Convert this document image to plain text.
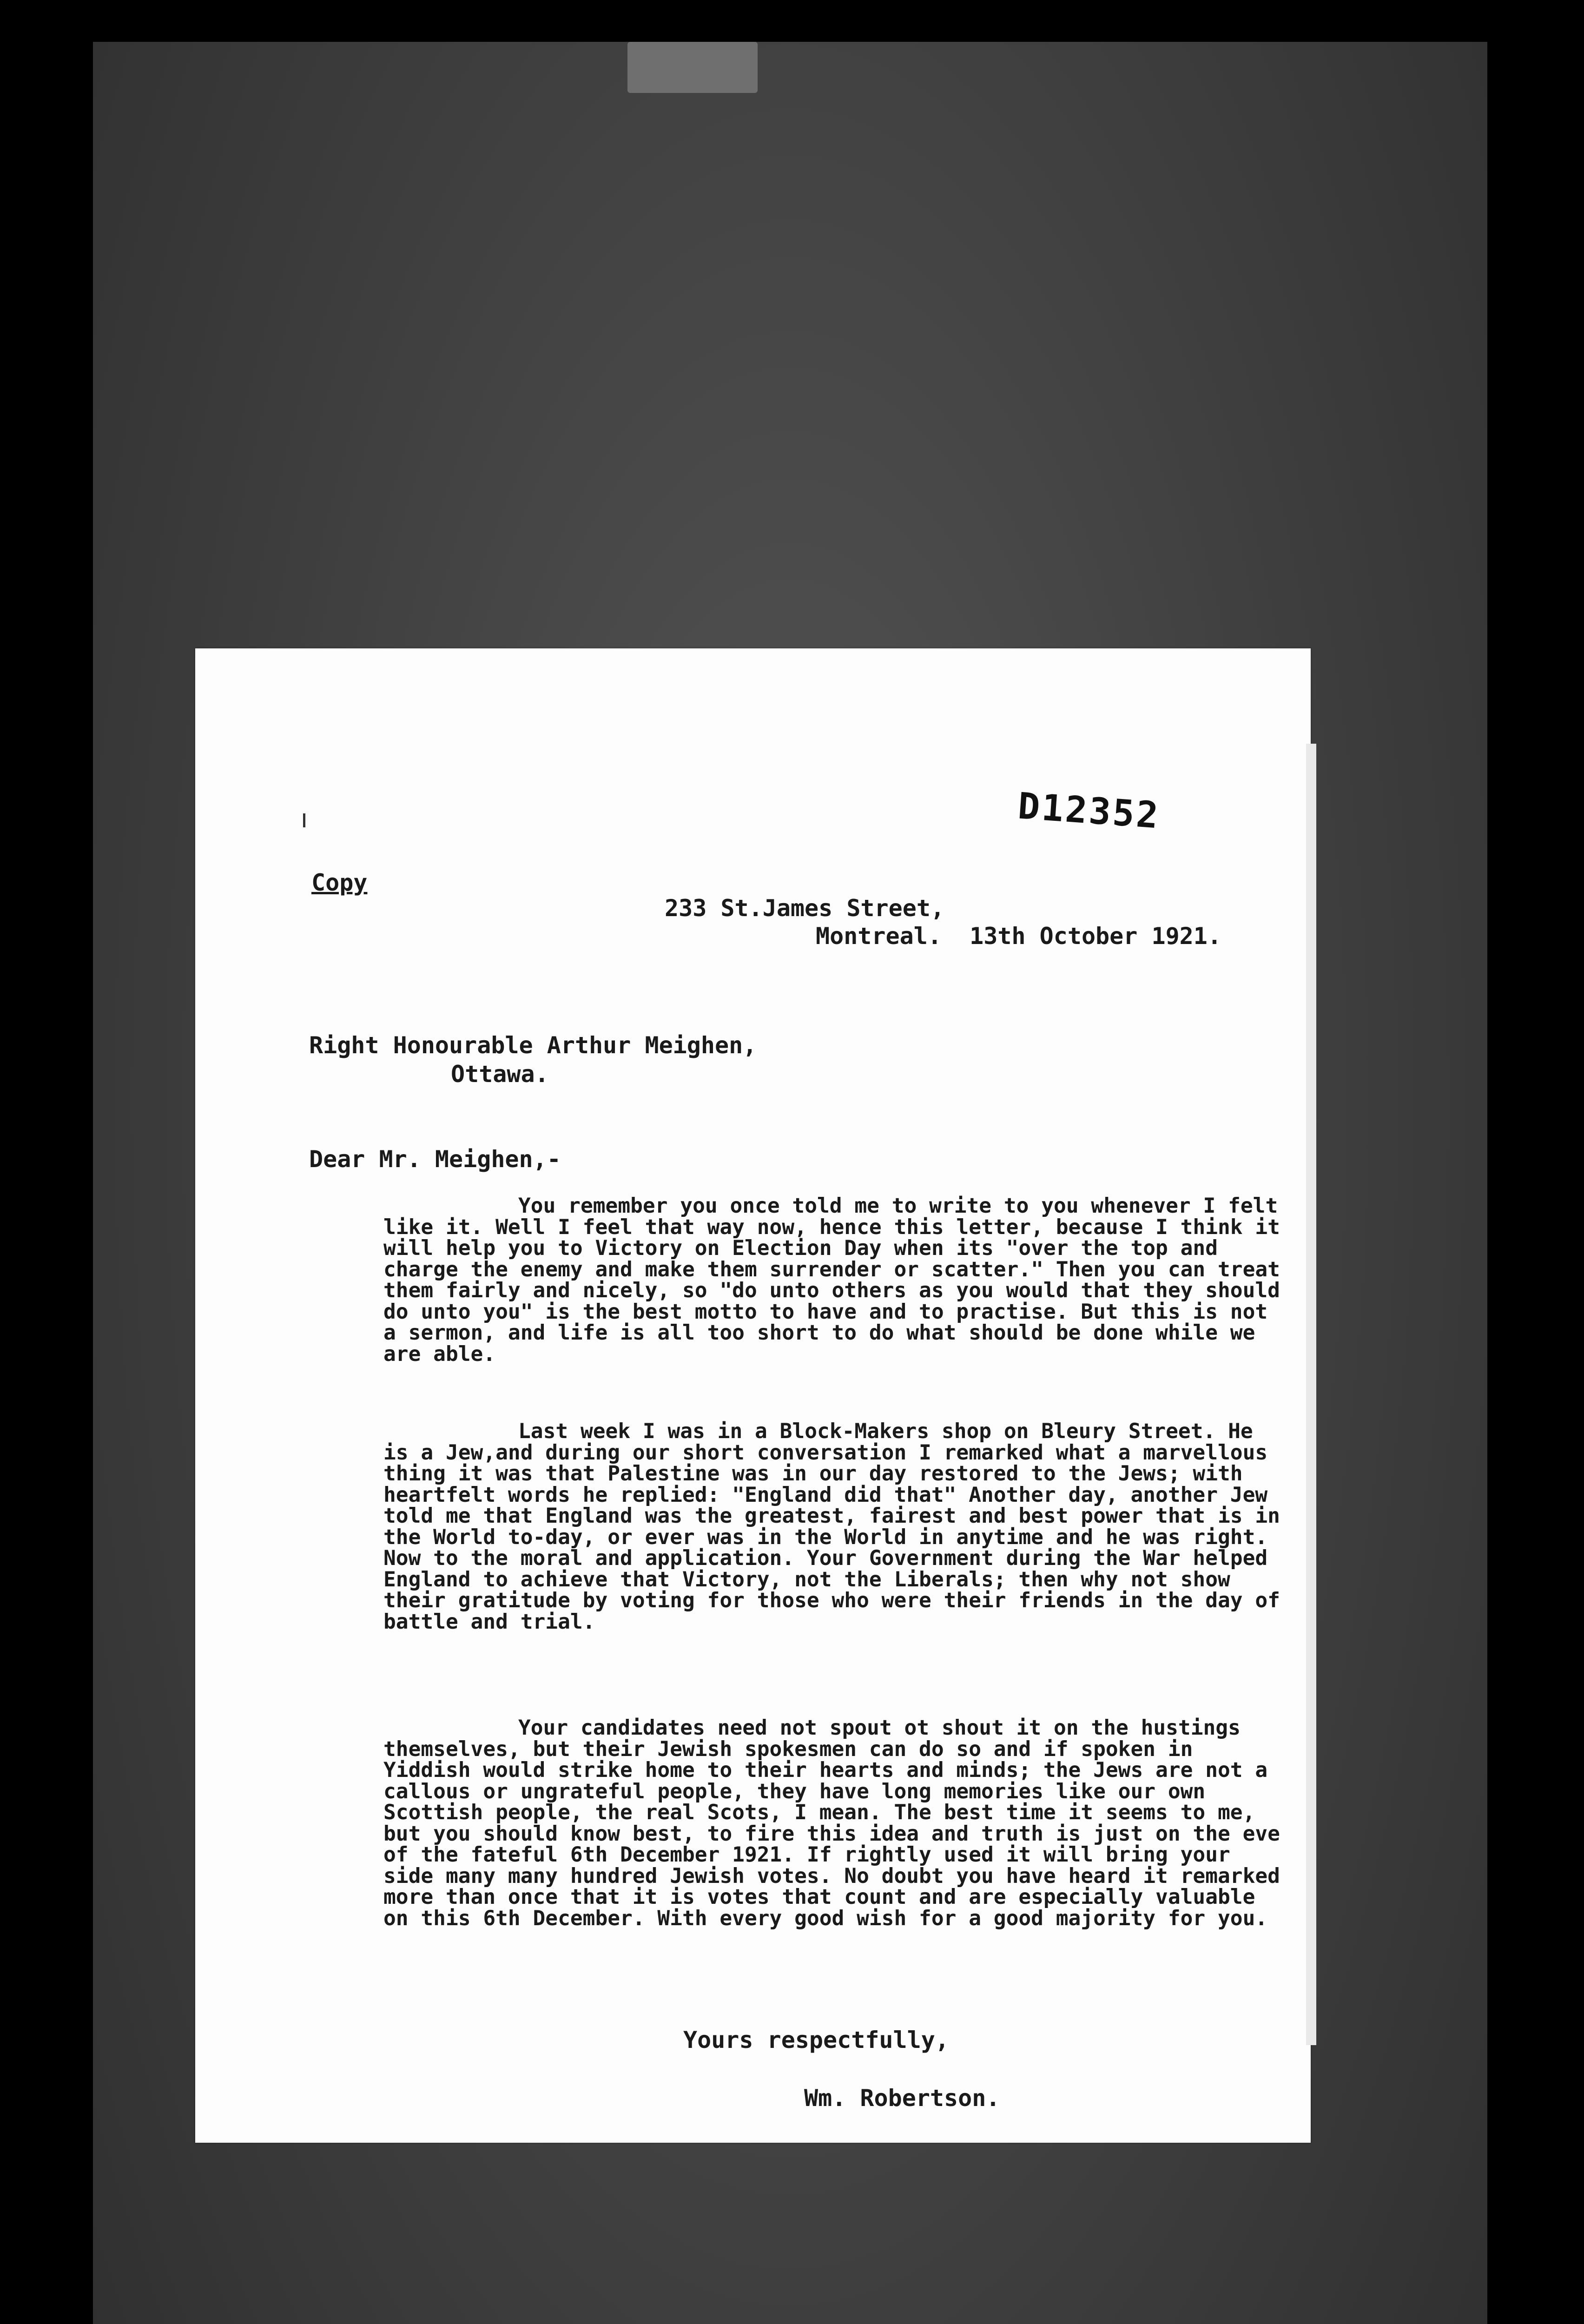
D12352
Copy
233 St.James Street,
Montreal.  13th October 1921.
Right Honourable Arthur Meighen,
Ottawa.
Dear Mr. Meighen,-

You remember you once told me to write to you whenever I felt like it. Well I feel that way now, hence this letter, because I think it will help you to Victory on Election Day when its "over the top and charge the enemy and make them surrender or scatter." Then you can treat them fairly and nicely, so "do unto others as you would that they should do unto you" is the best motto to have and to practise. But this is not a sermon, and life is all too short to do what should be done while we are able.

Last week I was in a Block-Makers shop on Bleury Street. He is a Jew,and during our short conversation I remarked what a marvellous thing it was that Palestine was in our day restored to the Jews; with heartfelt words he replied: "England did that" Another day, another Jew told me that England was the greatest, fairest and best power that is in the World to-day, or ever was in the World in anytime and he was right. Now to the moral and application. Your Government during the War helped England to achieve that Victory, not the Liberals; then why not show their gratitude by voting for those who were their friends in the day of battle and trial.

Your candidates need not spout ot shout it on the hustings themselves, but their Jewish spokesmen can do so and if spoken in Yiddish would strike home to their hearts and minds; the Jews are not a callous or ungrateful people, they have long memories like our own Scottish people, the real Scots, I mean. The best time it seems to me, but you should know best, to fire this idea and truth is just on the eve of the fateful 6th December 1921. If rightly used it will bring your side many many hundred Jewish votes. No doubt you have heard it remarked more than once that it is votes that count and are especially valuable on this 6th December. With every good wish for a good majority for you.

Yours respectfully,
Wm. Robertson.
